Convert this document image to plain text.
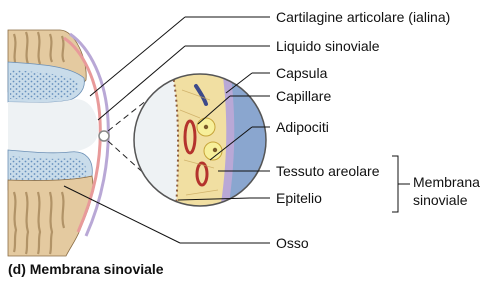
Cartilagine articolare (ialina)
Liquido sinoviale
Capsula
Capillare
Adipociti
Tessuto areolare
Epitelio
Osso
Membrana
sinoviale
(d) Membrana sinoviale
